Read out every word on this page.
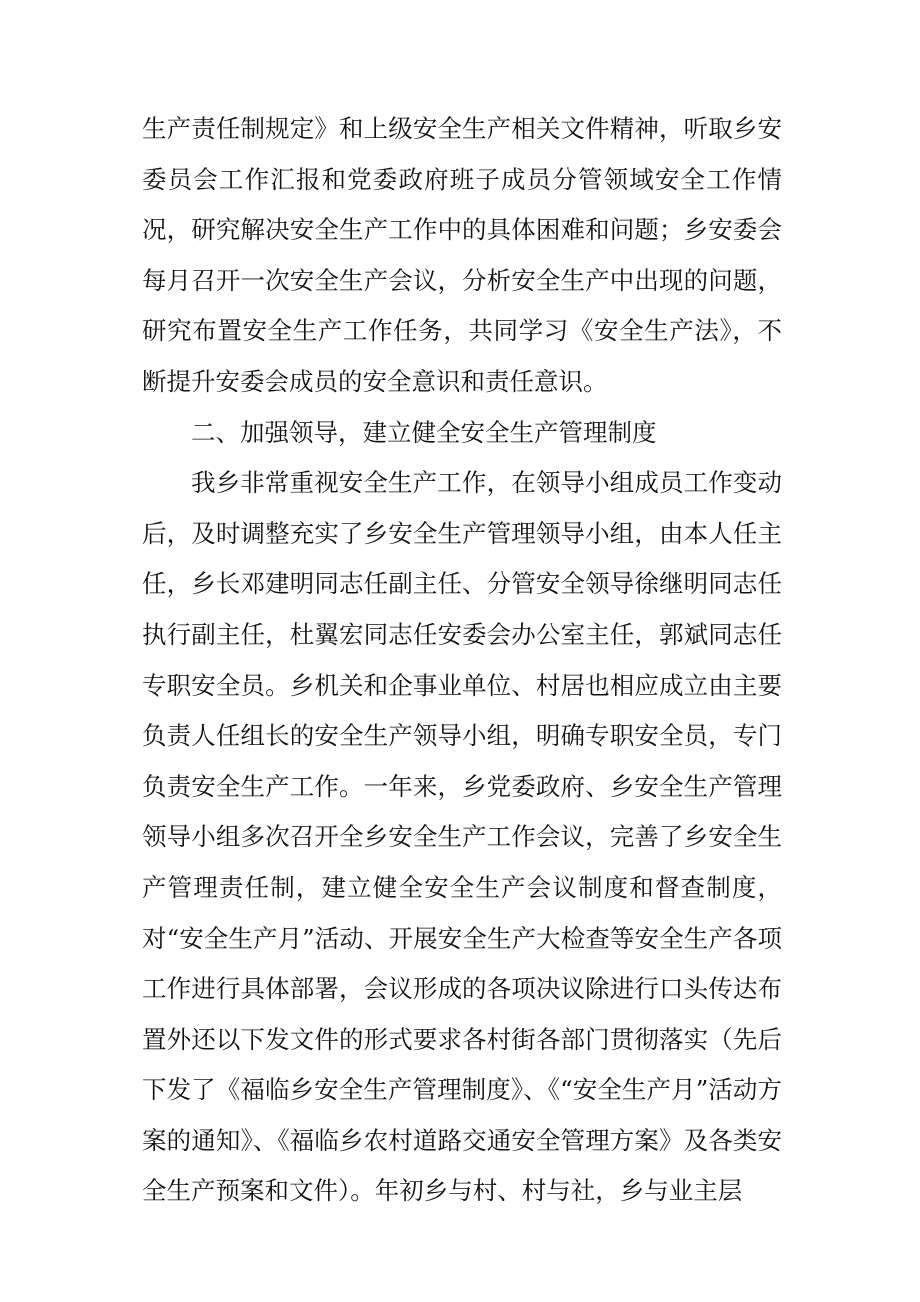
生产责任制规定》和上级安全生产相关文件精神，听取乡安委员会工作汇报和党委政府班子成员分管领域安全工作情况，研究解决安全生产工作中的具体困难和问题；乡安委会每月召开一次安全生产会议，分析安全生产中出现的问题，研究布置安全生产工作任务，共同学习《安全生产法》，不断提升安委会成员的安全意识和责任意识。

二、加强领导，建立健全安全生产管理制度

我乡非常重视安全生产工作，在领导小组成员工作变动后，及时调整充实了乡安全生产管理领导小组，由本人任主任，乡长邓建明同志任副主任、分管安全领导徐继明同志任执行副主任，杜翼宏同志任安委会办公室主任，郭斌同志任专职安全员。乡机关和企事业单位、村居也相应成立由主要负责人任组长的安全生产领导小组，明确专职安全员，专门负责安全生产工作。一年来，乡党委政府、乡安全生产管理领导小组多次召开全乡安全生产工作会议，完善了乡安全生产管理责任制，建立健全安全生产会议制度和督查制度，对“安全生产月”活动、开展安全生产大检查等安全生产各项工作进行具体部署，会议形成的各项决议除进行口头传达布置外还以下发文件的形式要求各村街各部门贯彻落实（先后下发了《福临乡安全生产管理制度》、《“安全生产月”活动方案的通知》、《福临乡农村道路交通安全管理方案》及各类安全生产预案和文件）。年初乡与村、村与社，乡与业主层
